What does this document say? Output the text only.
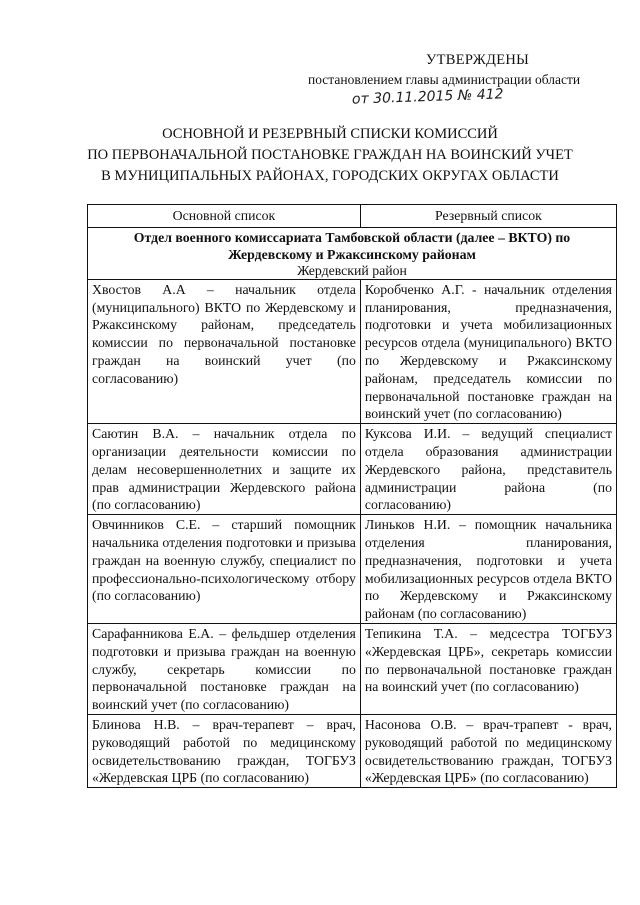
УТВЕРЖДЕНЫ
постановлением главы администрации области
от 30.11.2015 № 412
ОСНОВНОЙ И РЕЗЕРВНЫЙ СПИСКИ КОМИССИЙ
ПО ПЕРВОНАЧАЛЬНОЙ ПОСТАНОВКЕ ГРАЖДАН НА ВОИНСКИЙ УЧЕТ
В МУНИЦИПАЛЬНЫХ РАЙОНАХ, ГОРОДСКИХ ОКРУГАХ ОБЛАСТИ
Основной список	Резервный список

Отдел военного комиссариата Тамбовской области (далее – ВКТО) по Жердевскому и Ржаксинскому районам
Жердевский район	

Хвостов А.А – начальник отдела (муниципального) ВКТО по Жердевскому и Ржаксинскому районам, председатель комиссии по первоначальной постановке граждан на воинский учет (по согласованию)	Коробченко А.Г. - начальник отделения планирования, предназначения, подготовки и учета мобилизационных ресурсов отдела (муниципального) ВКТО по Жердевскому и Ржаксинскому районам, председатель комиссии по первоначальной постановке граждан на воинский учет (по согласованию)
Саютин В.А. – начальник отдела по организации деятельности комиссии по делам несовершеннолетних и защите их прав администрации Жердевского района (по согласованию)	Куксова И.И. – ведущий специалист отдела образования администрации Жердевского района, представитель администрации района (по согласованию)
Овчинников С.Е. – старший помощник начальника отделения подготовки и призыва граждан на военную службу, специалист по профессионально-психологическому отбору (по согласованию)	Линьков Н.И. – помощник начальника отделения планирования, предназначения, подготовки и учета мобилизационных ресурсов отдела ВКТО по Жердевскому и Ржаксинскому районам (по согласованию)
Сарафанникова Е.А. – фельдшер отделения подготовки и призыва граждан на военную службу, секретарь комиссии по первоначальной постановке граждан на воинский учет (по согласованию)	Тепикина Т.А. – медсестра ТОГБУЗ «Жердевская ЦРБ», секретарь комиссии по первоначальной постановке граждан на воинский учет (по согласованию)
Блинова Н.В. – врач-терапевт – врач, руководящий работой по медицинскому освидетельствованию граждан, ТОГБУЗ «Жердевская ЦРБ (по согласованию)	Насонова О.В. – врач-трапевт - врач, руководящий работой по медицинскому освидетельствованию граждан, ТОГБУЗ «Жердевская ЦРБ» (по согласованию)
